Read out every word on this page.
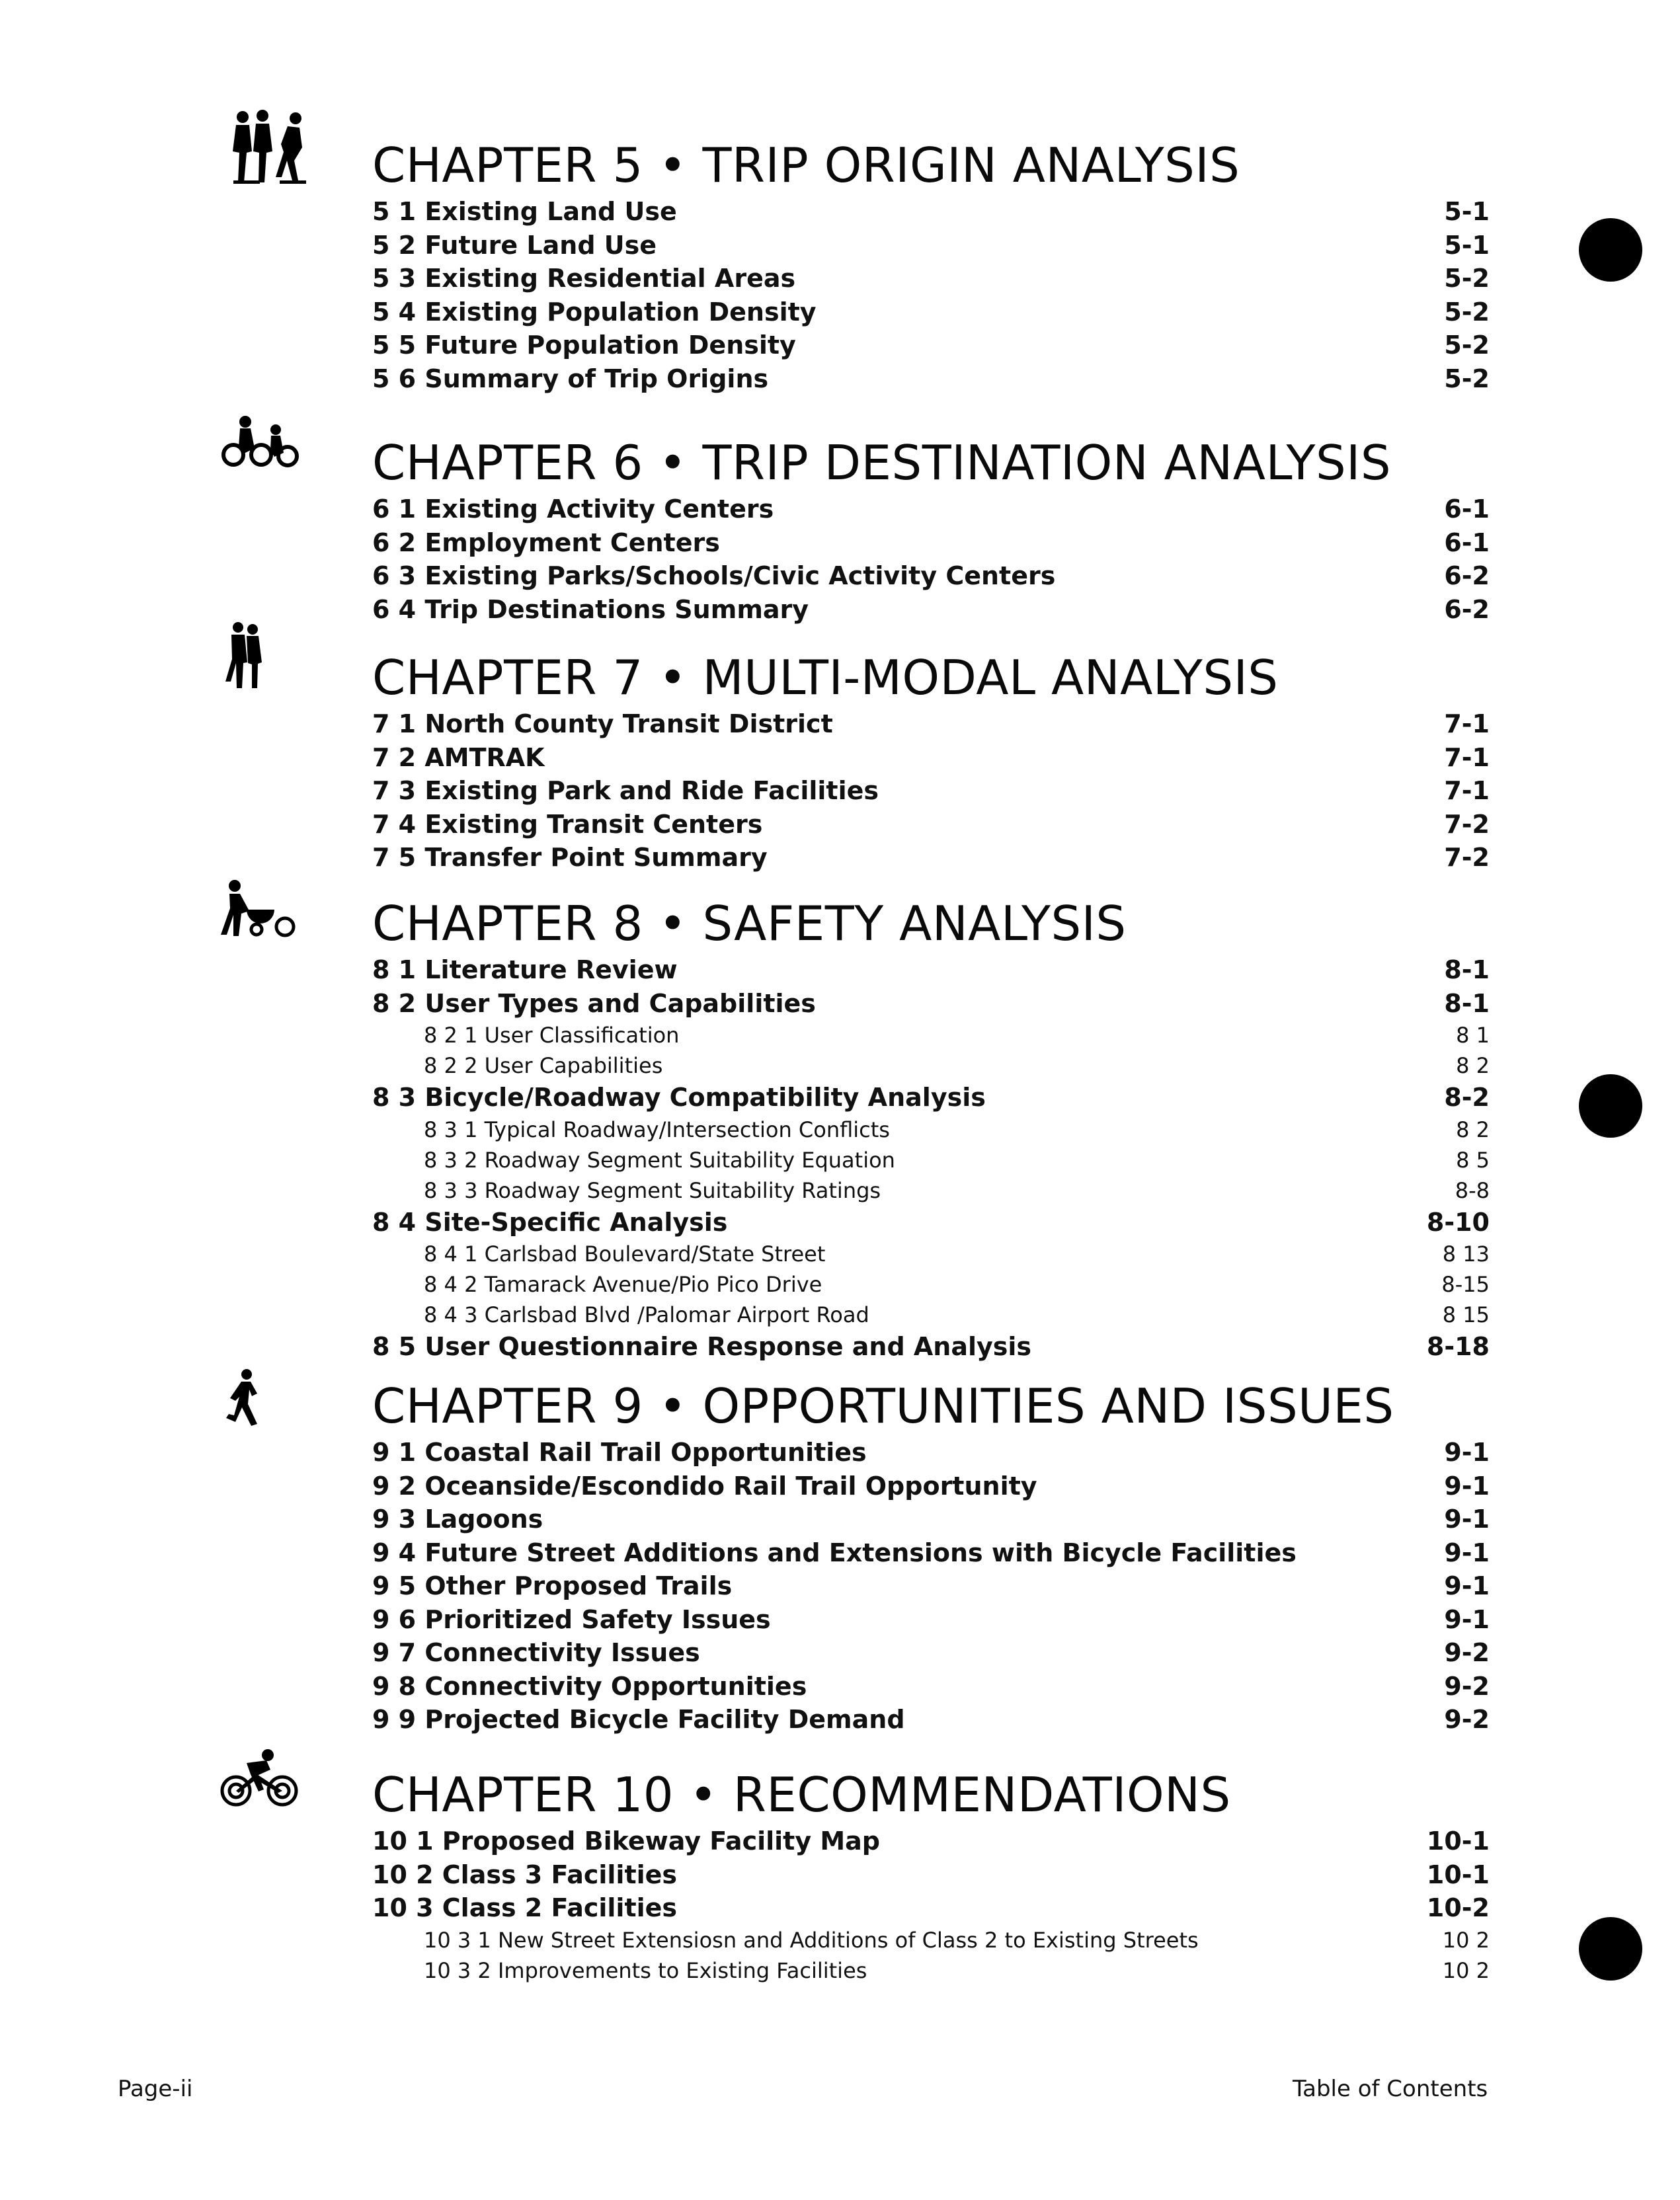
CHAPTER 5 • TRIP ORIGIN ANALYSIS
5 1 Existing Land Use	5-1
5 2 Future Land Use	5-1
5 3 Existing Residential Areas	5-2
5 4 Existing Population Density	5-2
5 5 Future Population Density	5-2
5 6 Summary of Trip Origins	5-2
CHAPTER 6 • TRIP DESTINATION ANALYSIS
6 1 Existing Activity Centers	6-1
6 2 Employment Centers	6-1
6 3 Existing Parks/Schools/Civic Activity Centers	6-2
6 4 Trip Destinations Summary	6-2
CHAPTER 7 • MULTI-MODAL ANALYSIS
7 1 North County Transit District	7-1
7 2 AMTRAK	7-1
7 3 Existing Park and Ride Facilities	7-1
7 4 Existing Transit Centers	7-2
7 5 Transfer Point Summary	7-2
CHAPTER 8 • SAFETY ANALYSIS
8 1 Literature Review	8-1
8 2 User Types and Capabilities	8-1
8 2 1 User Classification	8 1
8 2 2 User Capabilities	8 2
8 3 Bicycle/Roadway Compatibility Analysis	8-2
8 3 1 Typical Roadway/Intersection Conflicts	8 2
8 3 2 Roadway Segment Suitability Equation	8 5
8 3 3 Roadway Segment Suitability Ratings	8-8
8 4 Site-Specific Analysis	8-10
8 4 1 Carlsbad Boulevard/State Street	8 13
8 4 2 Tamarack Avenue/Pio Pico Drive	8-15
8 4 3 Carlsbad Blvd /Palomar Airport Road	8 15
8 5 User Questionnaire Response and Analysis	8-18
CHAPTER 9 • OPPORTUNITIES AND ISSUES
9 1 Coastal Rail Trail Opportunities	9-1
9 2 Oceanside/Escondido Rail Trail Opportunity	9-1
9 3 Lagoons	9-1
9 4 Future Street Additions and Extensions with Bicycle Facilities	9-1
9 5 Other Proposed Trails	9-1
9 6 Prioritized Safety Issues	9-1
9 7 Connectivity Issues	9-2
9 8 Connectivity Opportunities	9-2
9 9 Projected Bicycle Facility Demand	9-2
CHAPTER 10 • RECOMMENDATIONS
10 1 Proposed Bikeway Facility Map	10-1
10 2 Class 3 Facilities	10-1
10 3 Class 2 Facilities	10-2
10 3 1 New Street Extensiosn and Additions of Class 2 to Existing Streets	10 2
10 3 2 Improvements to Existing Facilities	10 2
Page-ii	Table of Contents
